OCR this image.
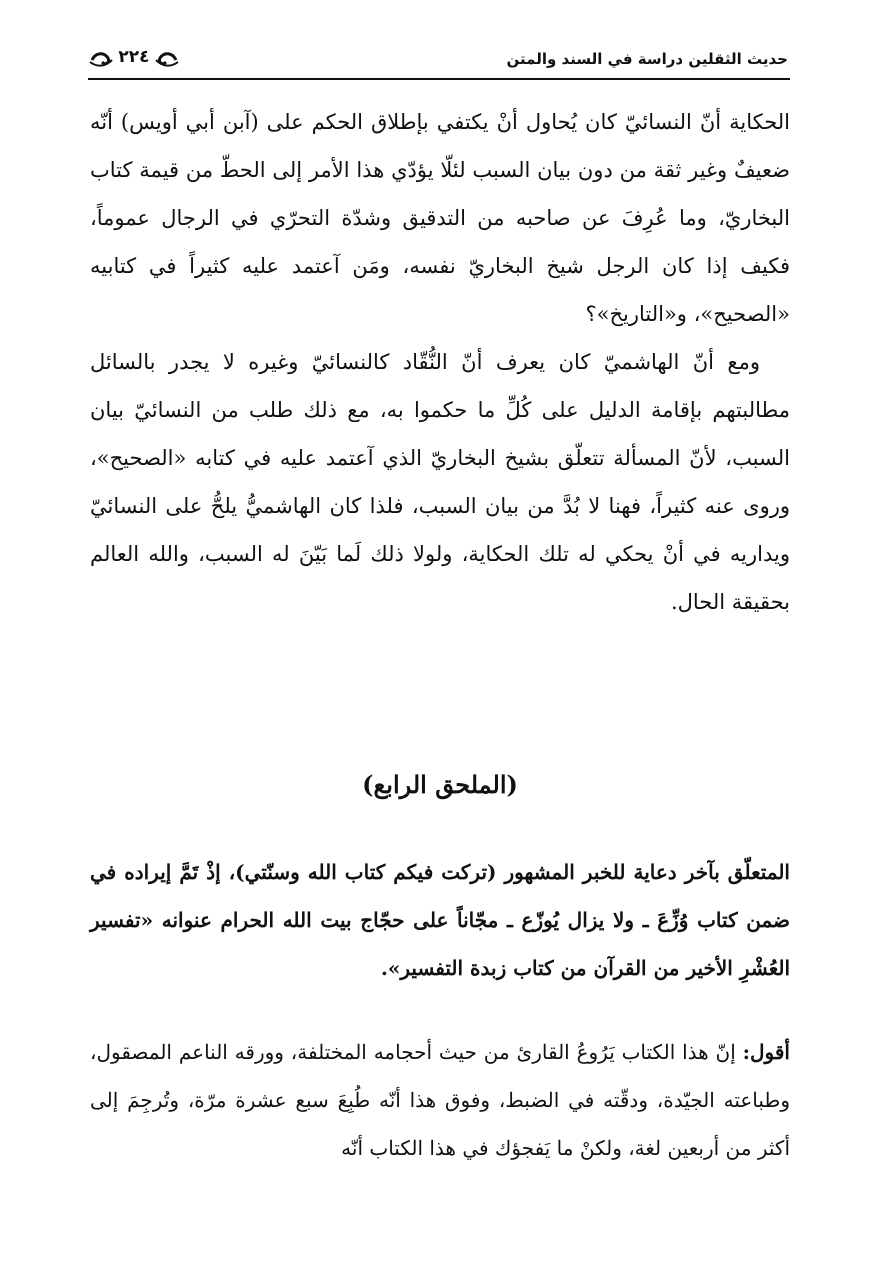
حديث الثقلين دراسة في السند والمتن
٢٢٤

الحكاية أنّ النسائيّ كان يُحاول أنْ يكتفي بإطلاق الحكم على (آبن أبي أويس) أنّه ضعيفٌ وغير ثقة من دون بيان السبب لئلّا يؤدّي هذا الأمر إلى الحطّ من قيمة كتاب البخاريّ، وما عُرِفَ عن صاحبه من التدقيق وشدّة التحرّي في الرجال عموماً، فكيف إذا كان الرجل شيخ البخاريّ نفسه، ومَن آعتمد عليه كثيراً في كتابيه «الصحيح»، و«التاريخ»؟

ومع أنّ الهاشميّ كان يعرف أنّ النُّقّاد كالنسائيّ وغيره لا يجدر بالسائل مطالبتهم بإقامة الدليل على كُلِّ ما حكموا به، مع ذلك طلب من النسائيّ بيان السبب، لأنّ المسألة تتعلّق بشيخ البخاريّ الذي آعتمد عليه في كتابه «الصحيح»، وروى عنه كثيراً، فهنا لا بُدَّ من بيان السبب، فلذا كان الهاشميُّ يلحُّ على النسائيّ ويداريه في أنْ يحكي له تلك الحكاية، ولولا ذلك لَما بَيّنَ له السبب، والله العالم بحقيقة الحال.

(الملحق الرابع)
المتعلّق بآخر دعاية للخبر المشهور (تركت فيكم كتاب الله وسنّتي)، إذْ تَمَّ إيراده في ضمن كتاب وُزِّعَ ـ ولا يزال يُوزّع ـ مجّاناً على حجّاج بيت الله الحرام عنوانه «تفسير العُشْرِ الأخير من القرآن من كتاب زبدة التفسير».

أقول: إنّ هذا الكتاب يَرُوعُ القارئ من حيث أحجامه المختلفة، وورقه الناعم المصقول، وطباعته الجيّدة، ودقّته في الضبط، وفوق هذا أنّه طُبِعَ سبع عشرة مرّة، وتُرجِمَ إلى أكثر من أربعين لغة، ولكنْ ما يَفجؤك في هذا الكتاب أنّه
